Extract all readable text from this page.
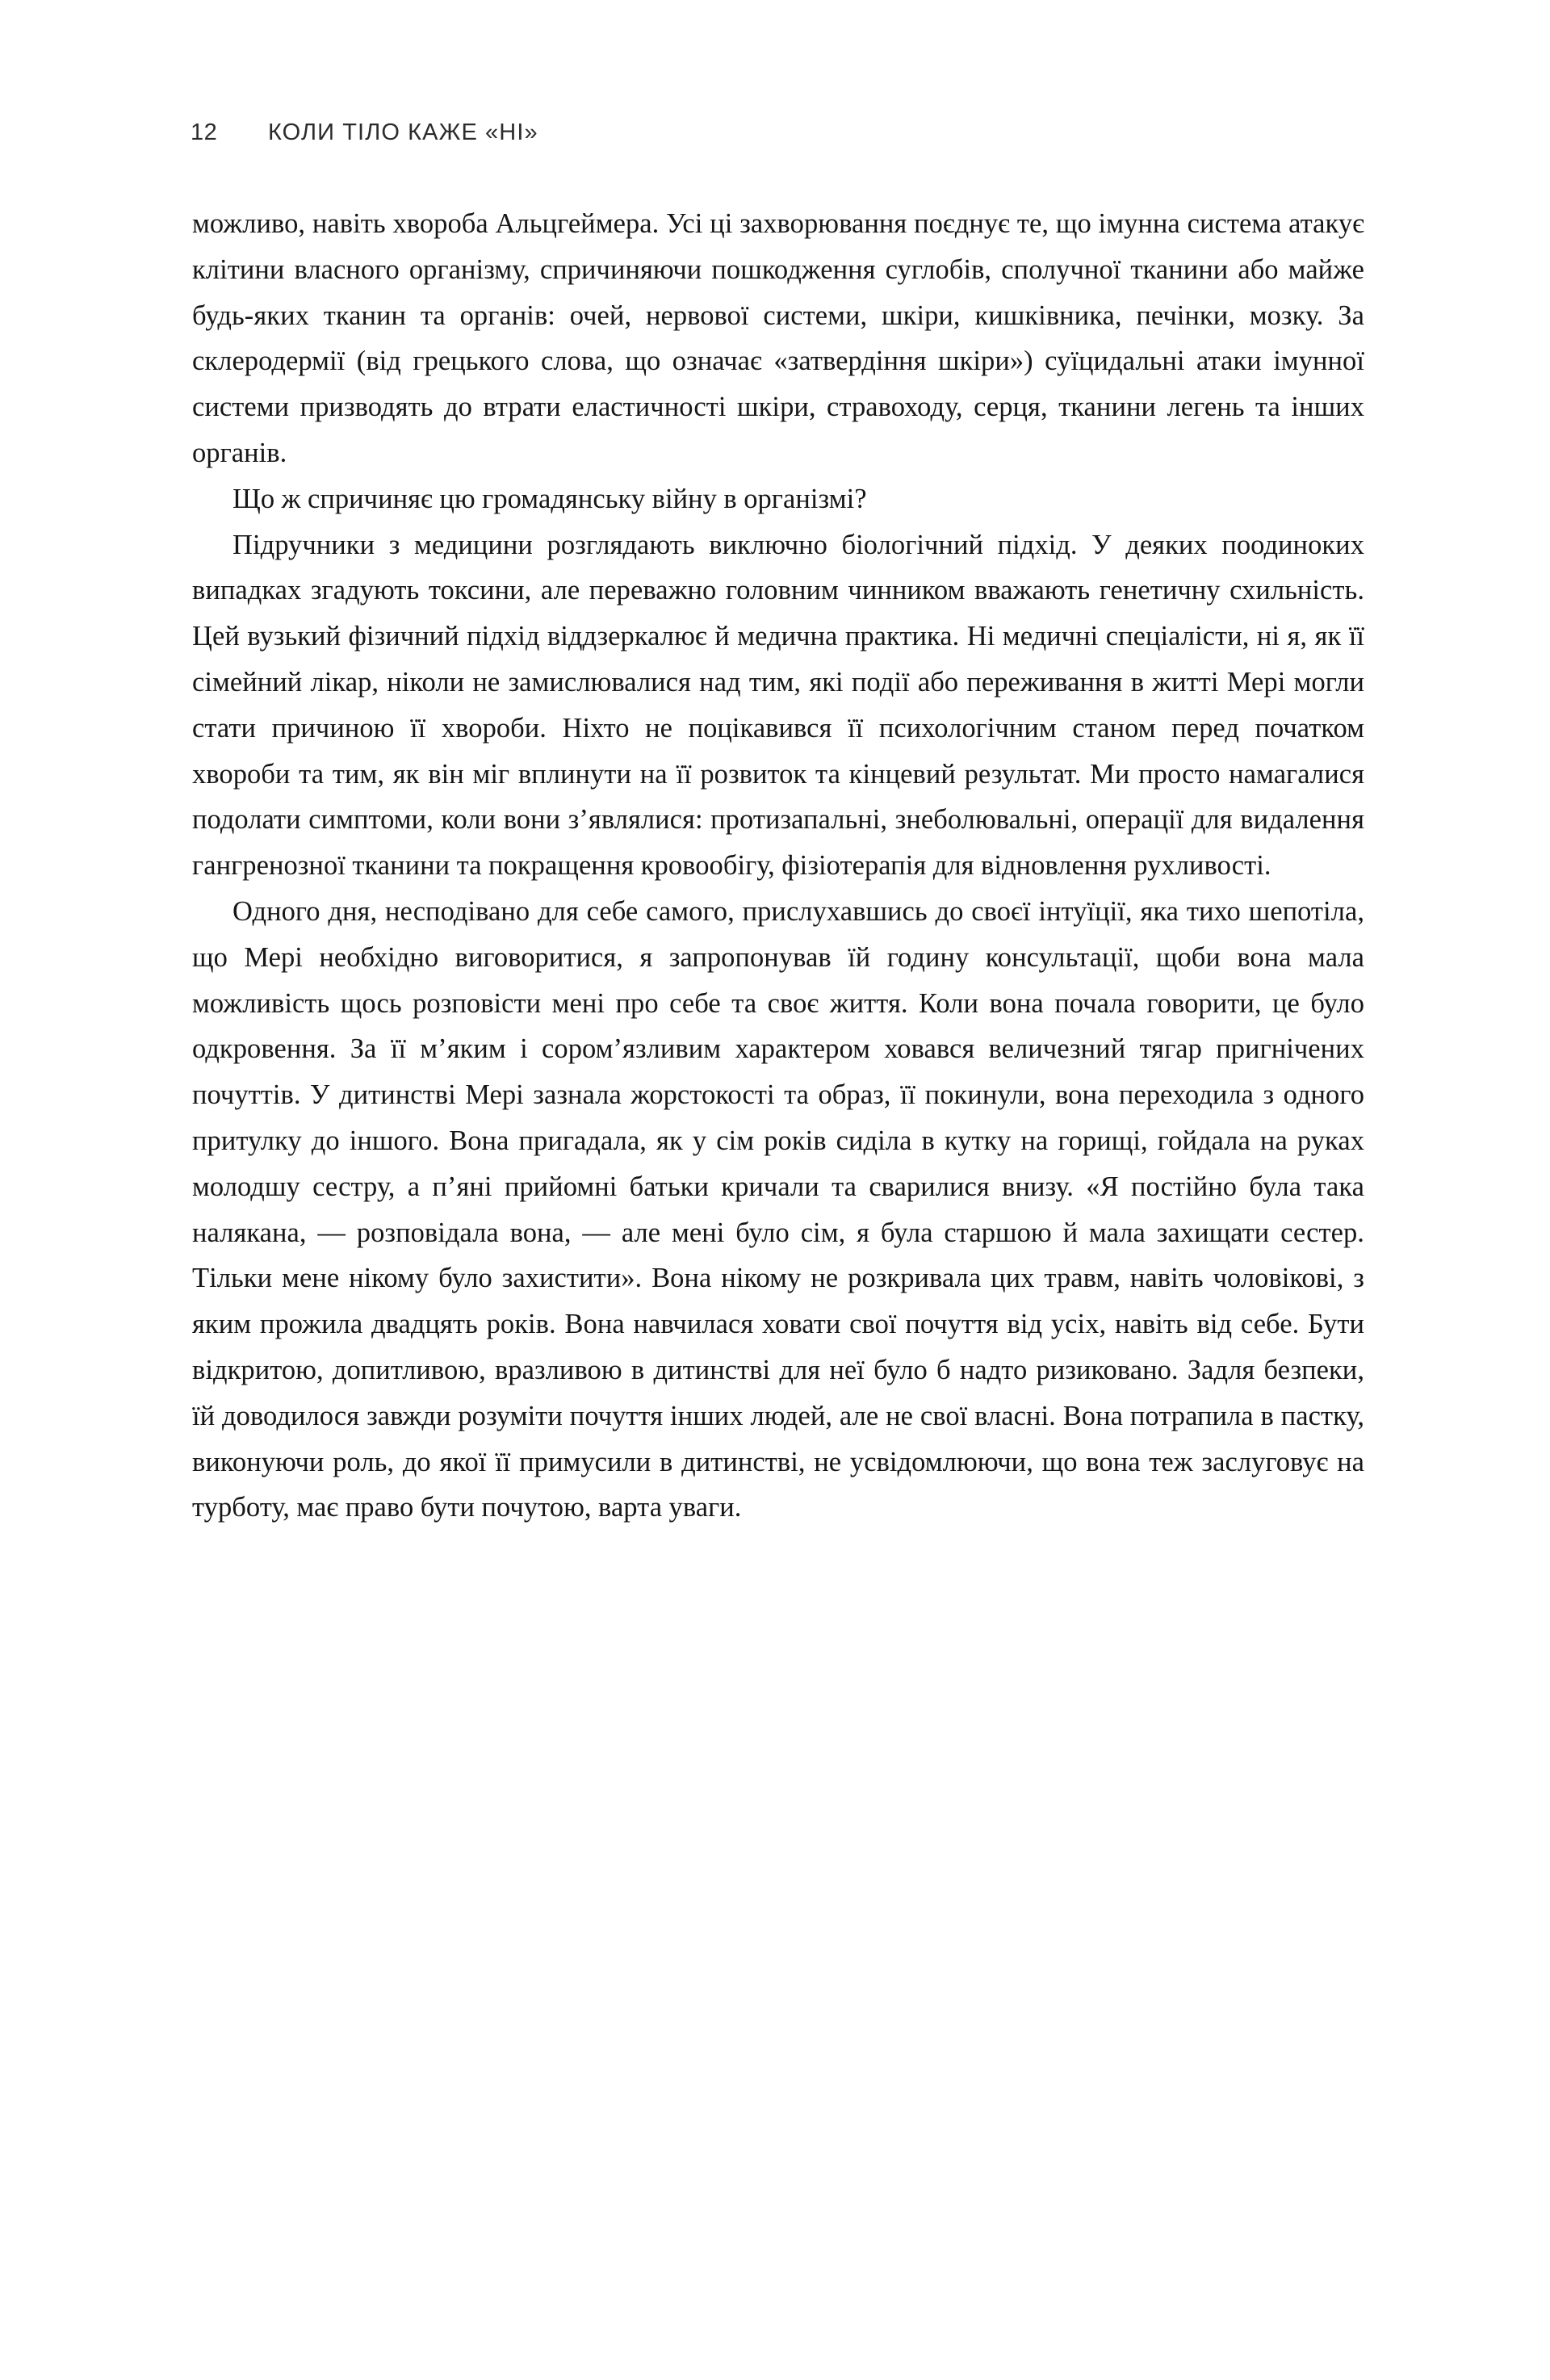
12	КОЛИ ТІЛО КАЖЕ «НІ»

можливо, навіть хвороба Альцгеймера. Усі ці захворювання поєднує те, що імунна система атакує клітини власного організму, спричиняючи пошкодження суглобів, сполучної тканини або майже будь-яких тканин та органів: очей, нервової системи, шкіри, кишківника, печінки, мозку. За склеродермії (від грецького слова, що означає «затвердіння шкіри») суїцидальні атаки імунної системи призводять до втрати еластичності шкіри, стравоходу, серця, тканини легень та інших органів.

Що ж спричиняє цю громадянську війну в організмі?

Підручники з медицини розглядають виключно біологічний підхід. У деяких поодиноких випадках згадують токсини, але переважно головним чинником вважають генетичну схильність. Цей вузький фізичний підхід віддзеркалює й медична практика. Ні медичні спеціалісти, ні я, як її сімейний лікар, ніколи не замислювалися над тим, які події або переживання в житті Мері могли стати причиною її хвороби. Ніхто не поцікавився її психологічним станом перед початком хвороби та тим, як він міг вплинути на її розвиток та кінцевий результат. Ми просто намагалися подолати симптоми, коли вони з’являлися: протизапальні, знеболювальні, операції для видалення гангренозної тканини та покращення кровообігу, фізіотерапія для відновлення рухливості.

Одного дня, несподівано для себе самого, прислухавшись до своєї інтуїції, яка тихо шепотіла, що Мері необхідно виговоритися, я запропонував їй годину консультації, щоби вона мала можливість щось розповісти мені про себе та своє життя. Коли вона почала говорити, це було одкровення. За її м’яким і сором’язливим характером ховався величезний тягар пригнічених почуттів. У дитинстві Мері зазнала жорстокості та образ, її покинули, вона переходила з одного притулку до іншого. Вона пригадала, як у сім років сиділа в кутку на горищі, гойдала на руках молодшу сестру, а п’яні прийомні батьки кричали та сварилися внизу. «Я постійно була така налякана, — розповідала вона, — але мені було сім, я була старшою й мала захищати сестер. Тільки мене нікому було захистити». Вона нікому не розкривала цих травм, навіть чоловікові, з яким прожила двадцять років. Вона навчилася ховати свої почуття від усіх, навіть від себе. Бути відкритою, допитливою, вразливою в дитинстві для неї було б надто ризиковано. Задля безпеки, їй доводилося завжди розуміти почуття інших людей, але не свої власні. Вона потрапила в пастку, виконуючи роль, до якої її примусили в дитинстві, не усвідомлюючи, що вона теж заслуговує на турботу, має право бути почутою, варта уваги.
